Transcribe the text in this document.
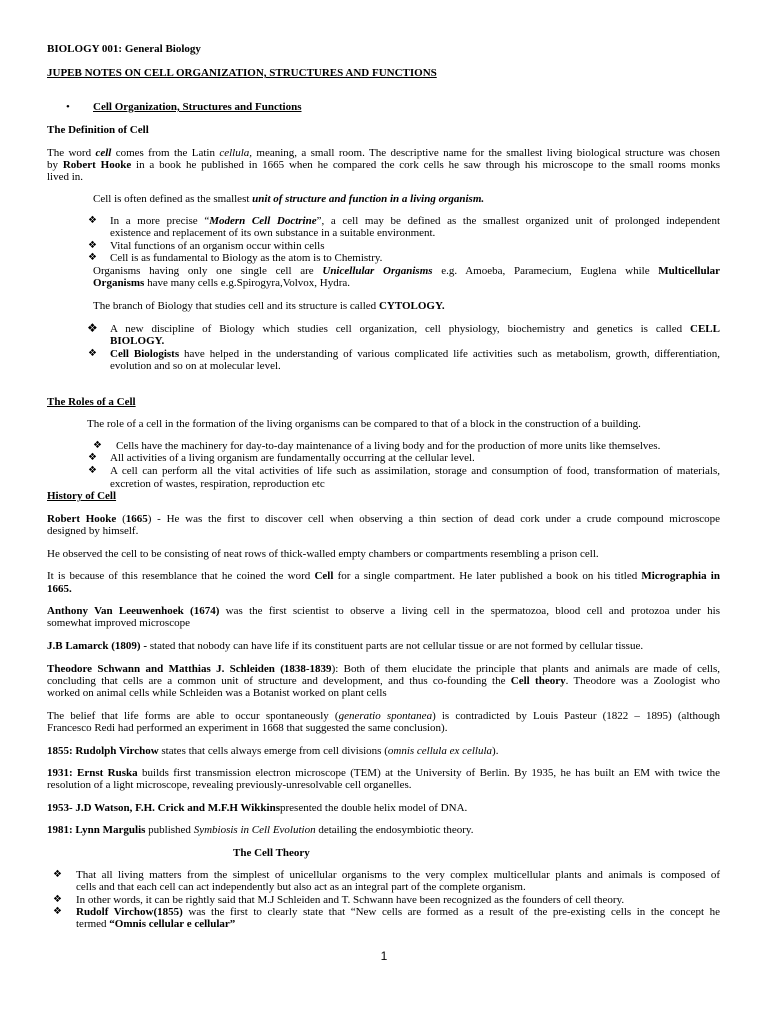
BIOLOGY 001: General Biology
JUPEB NOTES ON CELL ORGANIZATION, STRUCTURES AND FUNCTIONS
• Cell Organization, Structures and Functions
The Definition of Cell
The word cell comes from the Latin cellula, meaning, a small room. The descriptive name for the smallest living biological structure was chosen
by Robert Hooke in a book he published in 1665 when he compared the cork cells he saw through his microscope to the small rooms monks
lived in.
Cell is often defined as the smallest unit of structure and function in a living organism.
❖ In a more precise “Modern Cell Doctrine”, a cell may be defined as the smallest organized unit of prolonged independent
existence and replacement of its own substance in a suitable environment.
❖ Vital functions of an organism occur within cells
❖ Cell is as fundamental to Biology as the atom is to Chemistry.
Organisms having only one single cell are Unicellular Organisms e.g. Amoeba, Paramecium, Euglena while Multicellular
Organisms have many cells e.g.Spirogyra,Volvox, Hydra.
The branch of Biology that studies cell and its structure is called CYTOLOGY.
❖ A new discipline of Biology which studies cell organization, cell physiology, biochemistry and genetics is called CELL
BIOLOGY.
❖ Cell Biologists have helped in the understanding of various complicated life activities such as metabolism, growth, differentiation,
evolution and so on at molecular level.
The Roles of a Cell
The role of a cell in the formation of the living organisms can be compared to that of a block in the construction of a building.
❖ Cells have the machinery for day-to-day maintenance of a living body and for the production of more units like themselves.
❖ All activities of a living organism are fundamentally occurring at the cellular level.
❖ A cell can perform all the vital activities of life such as assimilation, storage and consumption of food, transformation of materials,
excretion of wastes, respiration, reproduction etc
History of Cell
Robert Hooke (1665) - He was the first to discover cell when observing a thin section of dead cork under a crude compound microscope
designed by himself.
He observed the cell to be consisting of neat rows of thick-walled empty chambers or compartments resembling a prison cell.
It is because of this resemblance that he coined the word Cell for a single compartment. He later published a book on his titled Micrographia in
1665.
Anthony Van Leeuwenhoek (1674) was the first scientist to observe a living cell in the spermatozoa, blood cell and protozoa under his
somewhat improved microscope
J.B Lamarck (1809) - stated that nobody can have life if its constituent parts are not cellular tissue or are not formed by cellular tissue.
Theodore Schwann and Matthias J. Schleiden (1838-1839): Both of them elucidate the principle that plants and animals are made of cells,
concluding that cells are a common unit of structure and development, and thus co-founding the Cell theory. Theodore was a Zoologist who
worked on animal cells while Schleiden was a Botanist worked on plant cells
The belief that life forms are able to occur spontaneously (generatio spontanea) is contradicted by Louis Pasteur (1822 – 1895) (although
Francesco Redi had performed an experiment in 1668 that suggested the same conclusion).
1855: Rudolph Virchow states that cells always emerge from cell divisions (omnis cellula ex cellula).
1931: Ernst Ruska builds first transmission electron microscope (TEM) at the University of Berlin. By 1935, he has built an EM with twice the
resolution of a light microscope, revealing previously-unresolvable cell organelles.
1953- J.D Watson, F.H. Crick and M.F.H Wikkinspresented the double helix model of DNA.
1981: Lynn Margulis published Symbiosis in Cell Evolution detailing the endosymbiotic theory.
The Cell Theory
❖ That all living matters from the simplest of unicellular organisms to the very complex multicellular plants and animals is composed of
cells and that each cell can act independently but also act as an integral part of the complete organism.
❖ In other words, it can be rightly said that M.J Schleiden and T. Schwann have been recognized as the founders of cell theory.
❖ Rudolf Virchow(1855) was the first to clearly state that “New cells are formed as a result of the pre-existing cells in the concept he
termed “Omnis cellular e cellular”
1
